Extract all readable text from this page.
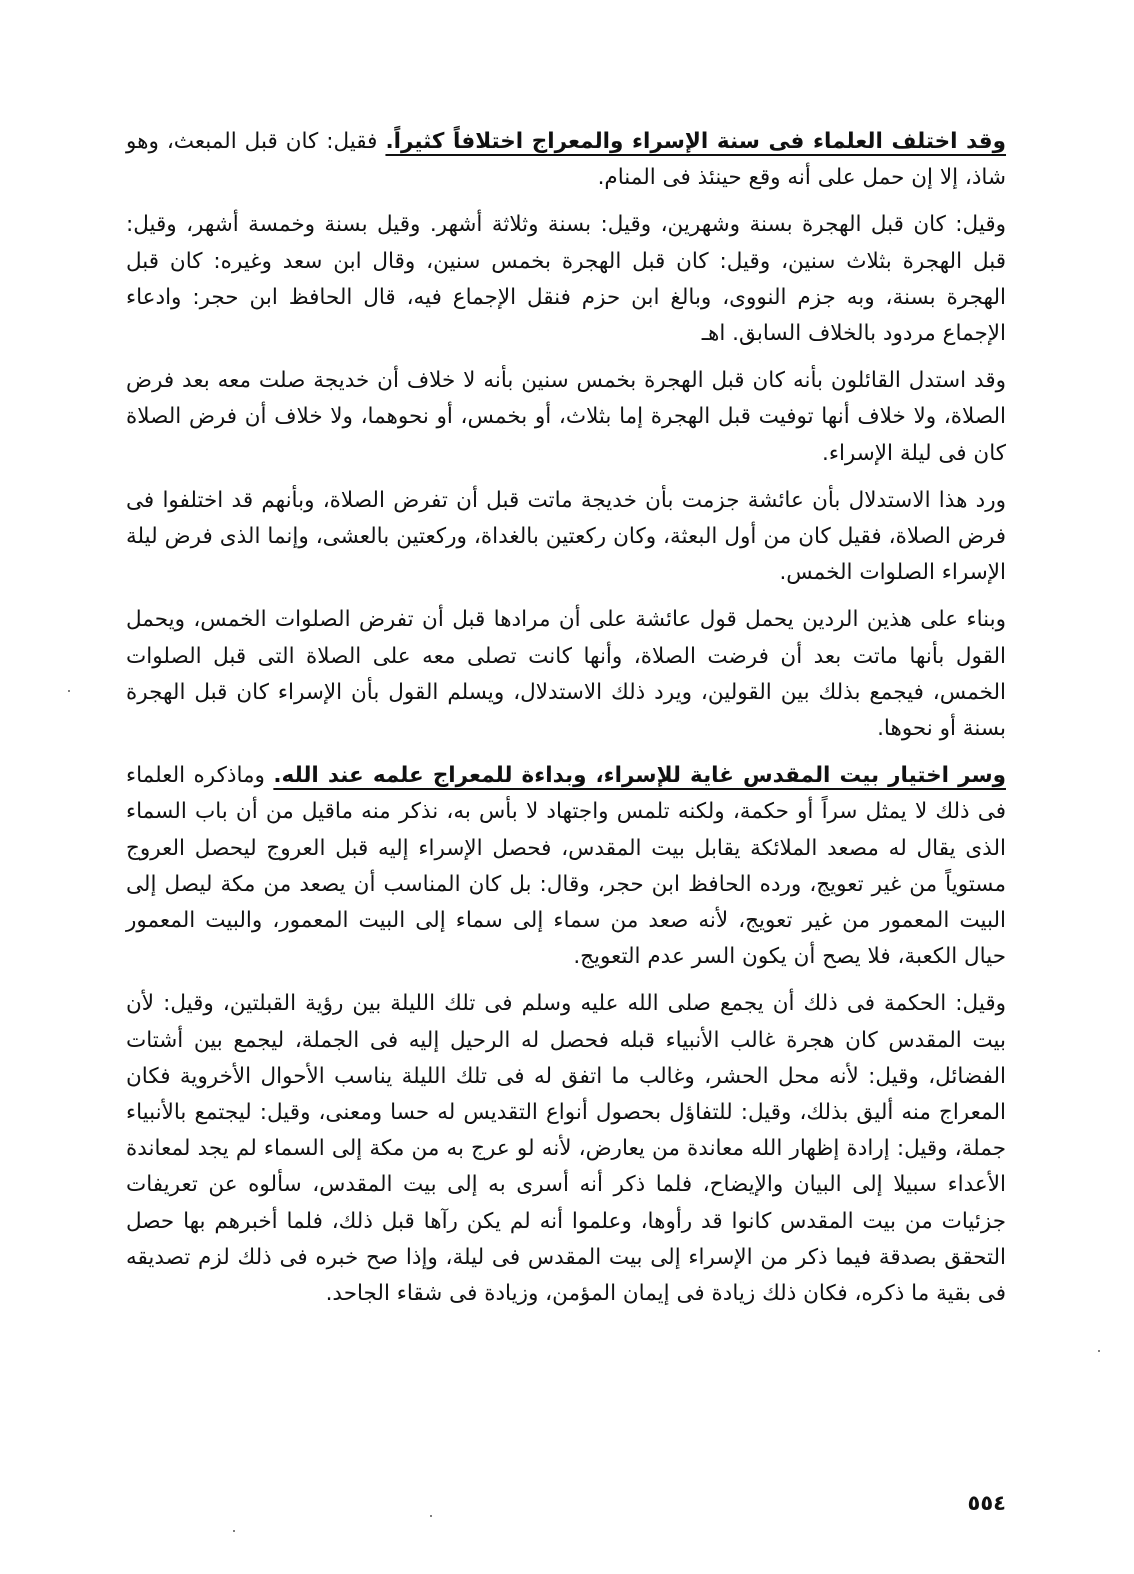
وقد اختلف العلماء فى سنة الإسراء والمعراج اختلافاً كثيراً. فقيل: كان قبل المبعث، وهو شاذ، إلا إن حمل على أنه وقع حينئذ فى المنام.

وقيل: كان قبل الهجرة بسنة وشهرين، وقيل: بسنة وثلاثة أشهر. وقيل بسنة وخمسة أشهر، وقيل: قبل الهجرة بثلاث سنين، وقيل: كان قبل الهجرة بخمس سنين، وقال ابن سعد وغيره: كان قبل الهجرة بسنة، وبه جزم النووى، وبالغ ابن حزم فنقل الإجماع فيه، قال الحافظ ابن حجر: وادعاء الإجماع مردود بالخلاف السابق. اهـ

وقد استدل القائلون بأنه كان قبل الهجرة بخمس سنين بأنه لا خلاف أن خديجة صلت معه بعد فرض الصلاة، ولا خلاف أنها توفيت قبل الهجرة إما بثلاث، أو بخمس، أو نحوهما، ولا خلاف أن فرض الصلاة كان فى ليلة الإسراء.

ورد هذا الاستدلال بأن عائشة جزمت بأن خديجة ماتت قبل أن تفرض الصلاة، وبأنهم قد اختلفوا فى فرض الصلاة، فقيل كان من أول البعثة، وكان ركعتين بالغداة، وركعتين بالعشى، وإنما الذى فرض ليلة الإسراء الصلوات الخمس.

وبناء على هذين الردين يحمل قول عائشة على أن مرادها قبل أن تفرض الصلوات الخمس، ويحمل القول بأنها ماتت بعد أن فرضت الصلاة، وأنها كانت تصلى معه على الصلاة التى قبل الصلوات الخمس، فيجمع بذلك بين القولين، ويرد ذلك الاستدلال، ويسلم القول بأن الإسراء كان قبل الهجرة بسنة أو نحوها.

وسر اختيار بيت المقدس غاية للإسراء، وبداءة للمعراج علمه عند الله. وماذكره العلماء فى ذلك لا يمثل سراً أو حكمة، ولكنه تلمس واجتهاد لا بأس به، نذكر منه ماقيل من أن باب السماء الذى يقال له مصعد الملائكة يقابل بيت المقدس، فحصل الإسراء إليه قبل العروج ليحصل العروج مستوياً من غير تعويج، ورده الحافظ ابن حجر، وقال: بل كان المناسب أن يصعد من مكة ليصل إلى البيت المعمور من غير تعويج، لأنه صعد من سماء إلى سماء إلى البيت المعمور، والبيت المعمور حيال الكعبة، فلا يصح أن يكون السر عدم التعويج.

وقيل: الحكمة فى ذلك أن يجمع صلى الله عليه وسلم فى تلك الليلة بين رؤية القبلتين، وقيل: لأن بيت المقدس كان هجرة غالب الأنبياء قبله فحصل له الرحيل إليه فى الجملة، ليجمع بين أشتات الفضائل، وقيل: لأنه محل الحشر، وغالب ما اتفق له فى تلك الليلة يناسب الأحوال الأخروية فكان المعراج منه أليق بذلك، وقيل: للتفاؤل بحصول أنواع التقديس له حسا ومعنى، وقيل: ليجتمع بالأنبياء جملة، وقيل: إرادة إظهار الله معاندة من يعارض، لأنه لو عرج به من مكة إلى السماء لم يجد لمعاندة الأعداء سبيلا إلى البيان والإيضاح، فلما ذكر أنه أسرى به إلى بيت المقدس، سألوه عن تعريفات جزئيات من بيت المقدس كانوا قد رأوها، وعلموا أنه لم يكن رآها قبل ذلك، فلما أخبرهم بها حصل التحقق بصدقة فيما ذكر من الإسراء إلى بيت المقدس فى ليلة، وإذا صح خبره فى ذلك لزم تصديقه فى بقية ما ذكره، فكان ذلك زيادة فى إيمان المؤمن، وزيادة فى شقاء الجاحد.

٥٥٤
